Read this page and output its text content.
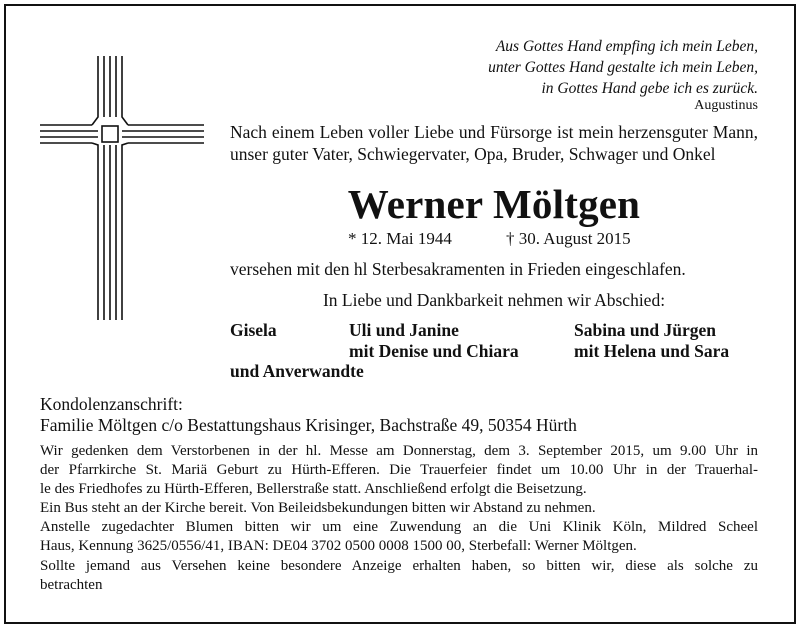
Aus Gottes Hand empfing ich mein Leben,
unter Gottes Hand gestalte ich mein Leben,
in Gottes Hand gebe ich es zurück.
Augustinus
Nach einem Leben voller Liebe und Fürsorge ist mein herzensguter Mann, unser guter Vater, Schwiegervater, Opa, Bruder, Schwager und Onkel
Werner Möltgen
* 12. Mai 1944	† 30. August 2015
versehen mit den hl Sterbesakramenten in Frieden eingeschlafen.
In Liebe und Dankbarkeit nehmen wir Abschied:
Gisela	Uli und Janine
mit Denise und Chiara
Sabina und Jürgen
mit Helena und Sara
und Anverwandte
Kondolenzanschrift:
Familie Möltgen c/o Bestattungshaus Krisinger, Bachstraße 49, 50354 Hürth

Wir gedenken dem Verstorbenen in der hl. Messe am Donnerstag, dem 3. September 2015, um 9.00 Uhr in

der Pfarrkirche St. Mariä Geburt zu Hürth-Efferen. Die Trauerfeier findet um 10.00 Uhr in der Trauerhal-

le des Friedhofes zu Hürth-Efferen, Bellerstraße statt. Anschließend erfolgt die Beisetzung.

Ein Bus steht an der Kirche bereit. Von Beileidsbekundungen bitten wir Abstand zu nehmen.

Anstelle zugedachter Blumen bitten wir um eine Zuwendung an die Uni Klinik Köln, Mildred Scheel

Haus, Kennung 3625/0556/41, IBAN: DE04 3702 0500 0008 1500 00, Sterbefall: Werner Möltgen.

Sollte jemand aus Versehen keine besondere Anzeige erhalten haben, so bitten wir, diese als solche zu

betrachten
